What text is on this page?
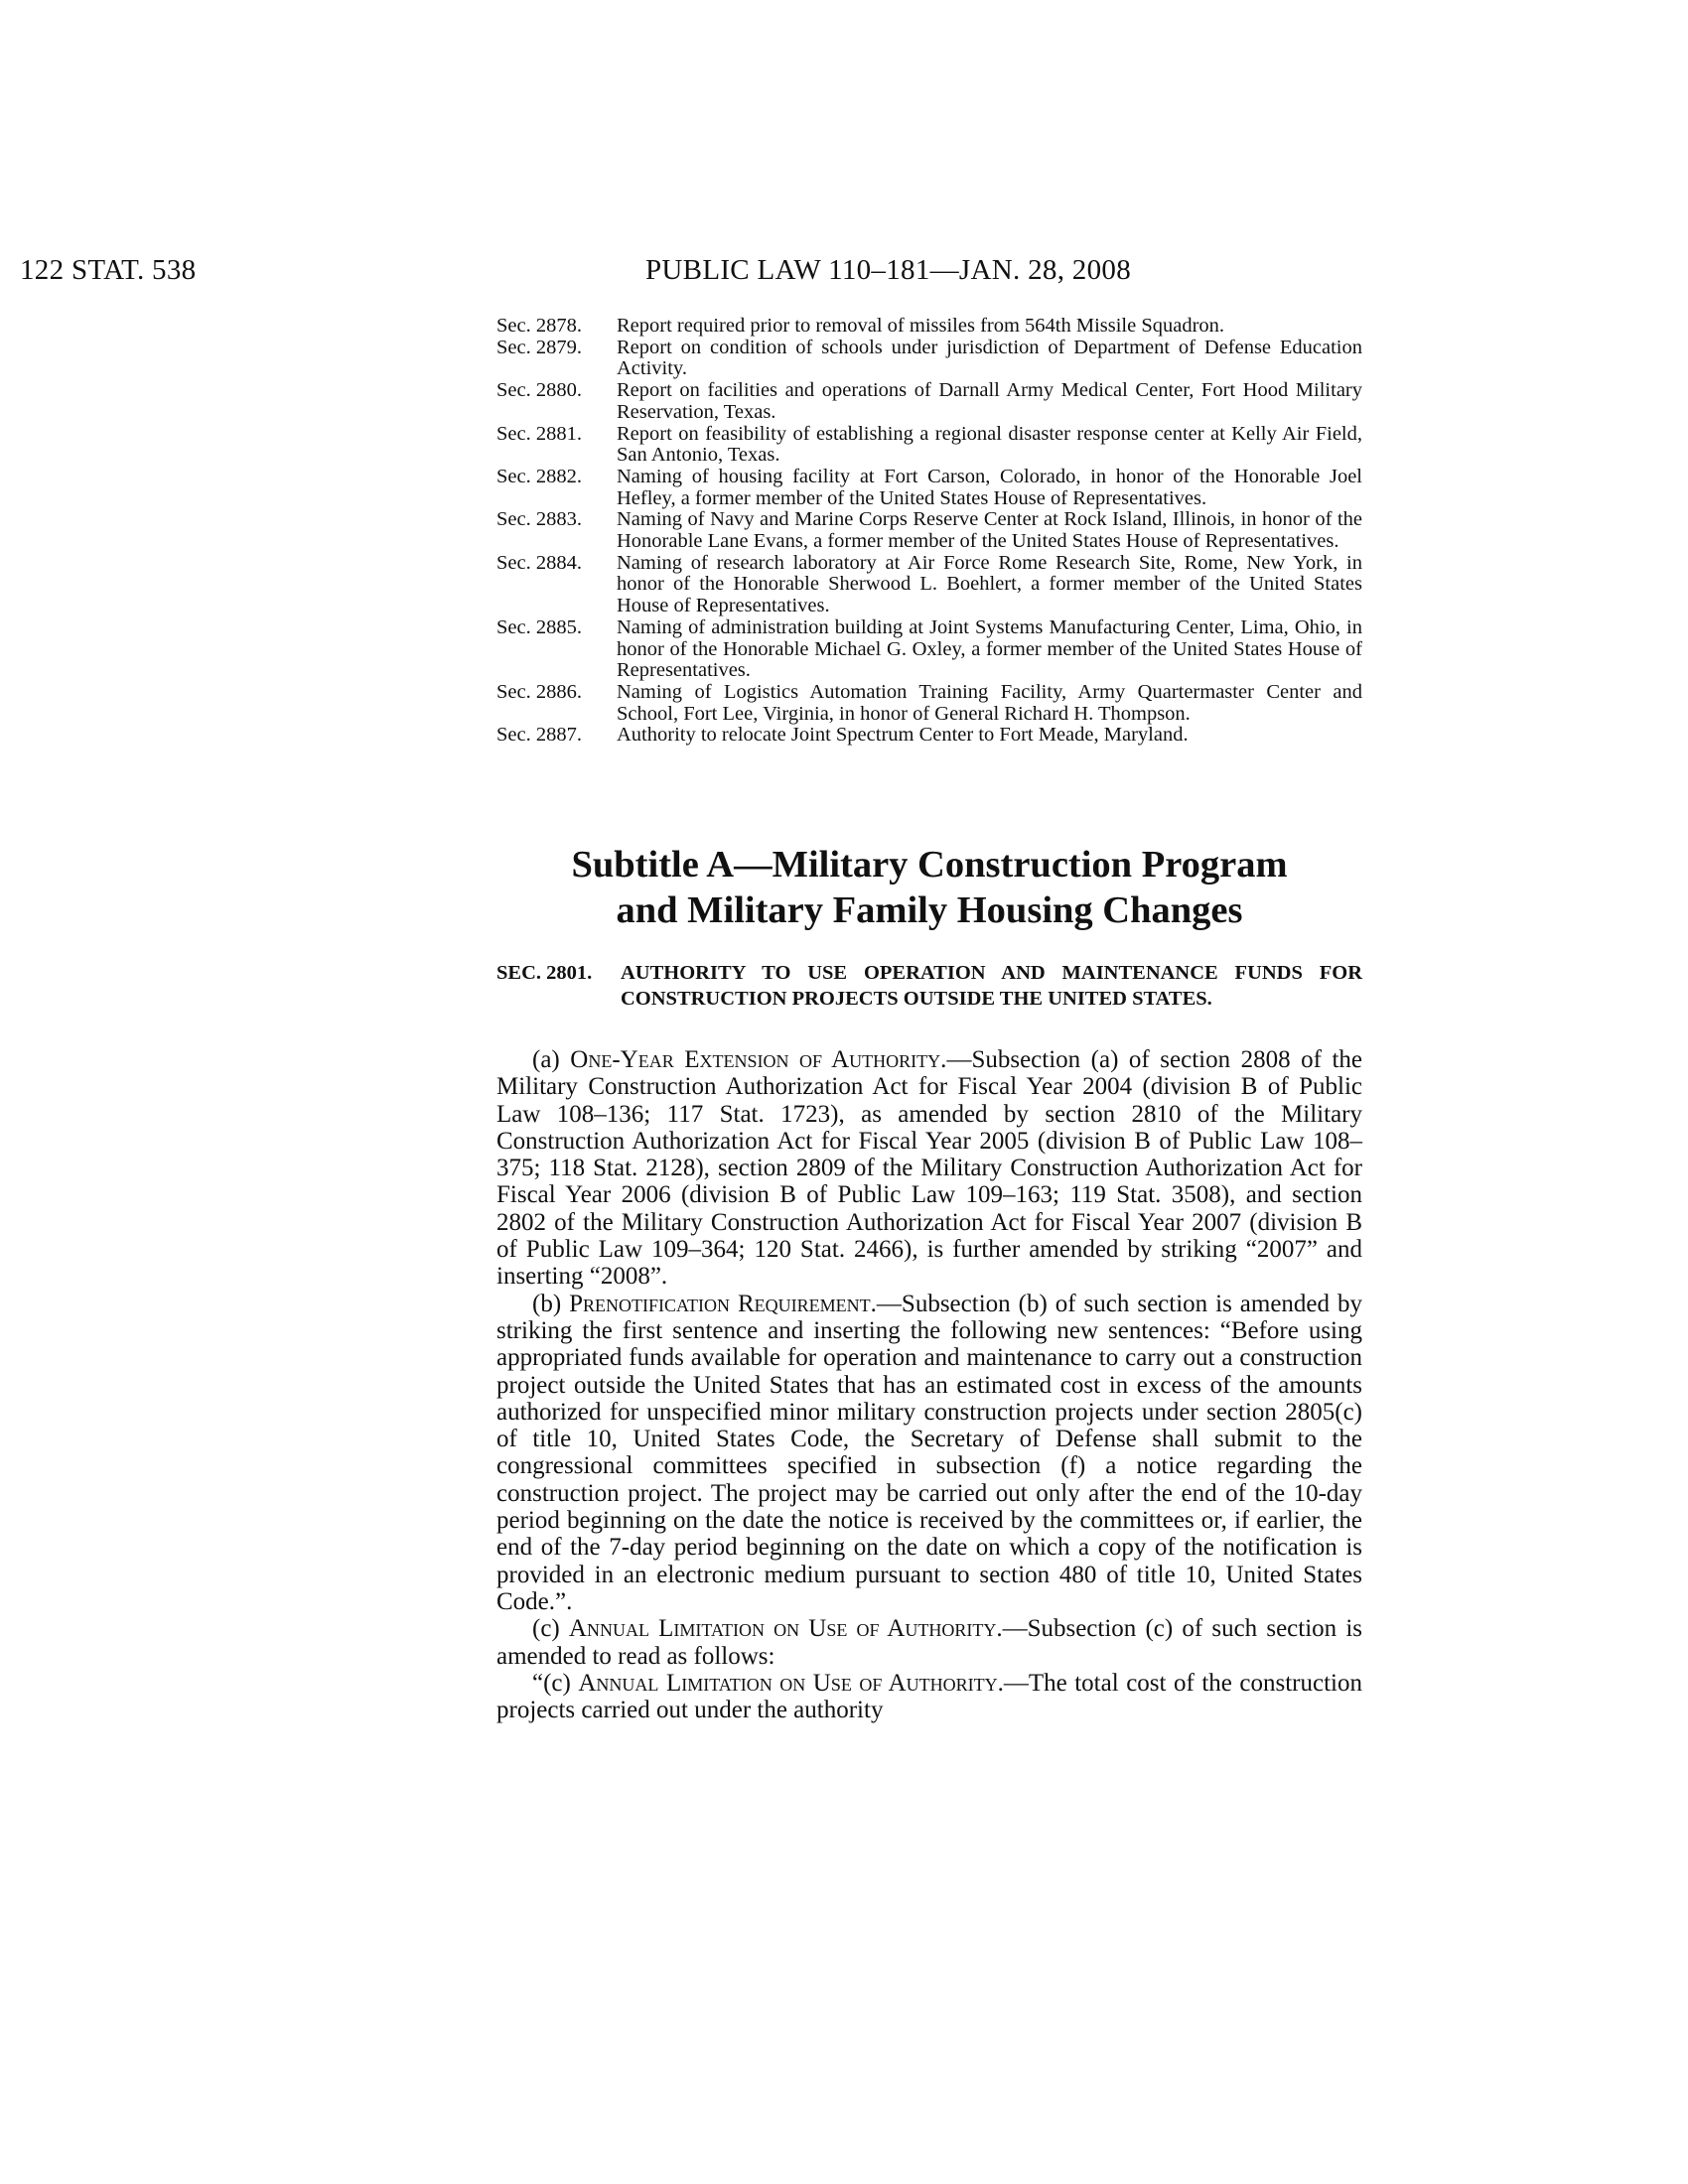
122 STAT. 538	PUBLIC LAW 110–181—JAN. 28, 2008
Sec. 2878.	Report required prior to removal of missiles from 564th Missile Squadron.
Sec. 2879.	Report on condition of schools under jurisdiction of Department of Defense Education Activity.
Sec. 2880.	Report on facilities and operations of Darnall Army Medical Center, Fort Hood Military Reservation, Texas.
Sec. 2881.	Report on feasibility of establishing a regional disaster response center at Kelly Air Field, San Antonio, Texas.
Sec. 2882.	Naming of housing facility at Fort Carson, Colorado, in honor of the Honorable Joel Hefley, a former member of the United States House of Representatives.
Sec. 2883.	Naming of Navy and Marine Corps Reserve Center at Rock Island, Illinois, in honor of the Honorable Lane Evans, a former member of the United States House of Representatives.
Sec. 2884.	Naming of research laboratory at Air Force Rome Research Site, Rome, New York, in honor of the Honorable Sherwood L. Boehlert, a former member of the United States House of Representatives.
Sec. 2885.	Naming of administration building at Joint Systems Manufacturing Center, Lima, Ohio, in honor of the Honorable Michael G. Oxley, a former member of the United States House of Representatives.
Sec. 2886.	Naming of Logistics Automation Training Facility, Army Quartermaster Center and School, Fort Lee, Virginia, in honor of General Richard H. Thompson.
Sec. 2887.	Authority to relocate Joint Spectrum Center to Fort Meade, Maryland.
Subtitle A—Military Construction Program
and Military Family Housing Changes
SEC. 2801.	AUTHORITY TO USE OPERATION AND MAINTENANCE FUNDS FOR CONSTRUCTION PROJECTS OUTSIDE THE UNITED STATES.

(a) One-Year Extension of Authority.—Subsection (a) of section 2808 of the Military Construction Authorization Act for Fiscal Year 2004 (division B of Public Law 108–136; 117 Stat. 1723), as amended by section 2810 of the Military Construction Authorization Act for Fiscal Year 2005 (division B of Public Law 108–375; 118 Stat. 2128), section 2809 of the Military Construction Authorization Act for Fiscal Year 2006 (division B of Public Law 109–163; 119 Stat. 3508), and section 2802 of the Military Construction Authorization Act for Fiscal Year 2007 (division B of Public Law 109–364; 120 Stat. 2466), is further amended by striking “2007” and inserting “2008”.

(b) Prenotification Requirement.—Subsection (b) of such section is amended by striking the first sentence and inserting the following new sentences: “Before using appropriated funds available for operation and maintenance to carry out a construction project outside the United States that has an estimated cost in excess of the amounts authorized for unspecified minor military construction projects under section 2805(c) of title 10, United States Code, the Secretary of Defense shall submit to the congressional committees specified in subsection (f) a notice regarding the construction project. The project may be carried out only after the end of the 10-day period beginning on the date the notice is received by the committees or, if earlier, the end of the 7-day period beginning on the date on which a copy of the notification is provided in an electronic medium pursuant to section 480 of title 10, United States Code.”.

(c) Annual Limitation on Use of Authority.—Subsection (c) of such section is amended to read as follows:

“(c) Annual Limitation on Use of Authority.—The total cost of the construction projects carried out under the authority
